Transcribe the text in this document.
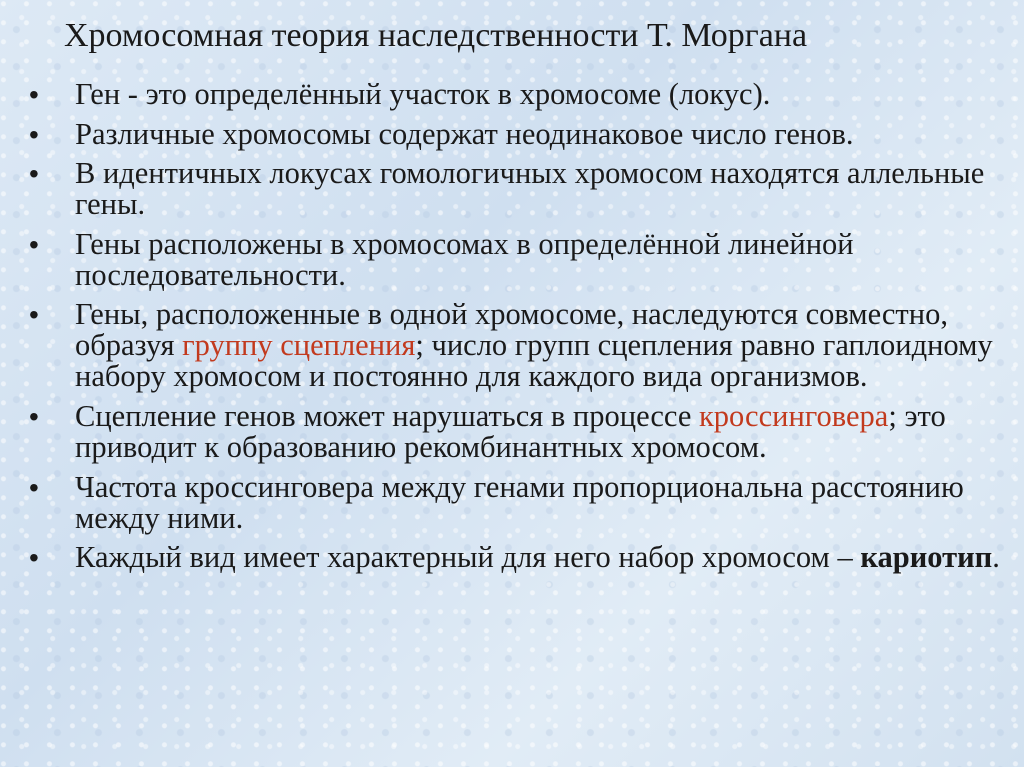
Хромосомная теория наследственности Т. Моргана
•	Ген - это определённый участок в хромосоме (локус).
•	Различные хромосомы содержат неодинаковое число генов.
•	В идентичных локусах гомологичных хромосом находятся аллельные гены.
•	Гены расположены в хромосомах в определённой линейной последовательности.
•	Гены, расположенные в одной хромосоме, наследуются совместно, образуя группу сцепления; число групп сцепления равно гаплоидному набору хромосом и постоянно для каждого вида организмов.
•	Сцепление генов может нарушаться в процессе кроссинговера; это приводит к образованию рекомбинантных хромосом.
•	Частота кроссинговера между генами пропорциональна расстоянию между ними.
•	Каждый вид имеет характерный для него набор хромосом – кариотип.
